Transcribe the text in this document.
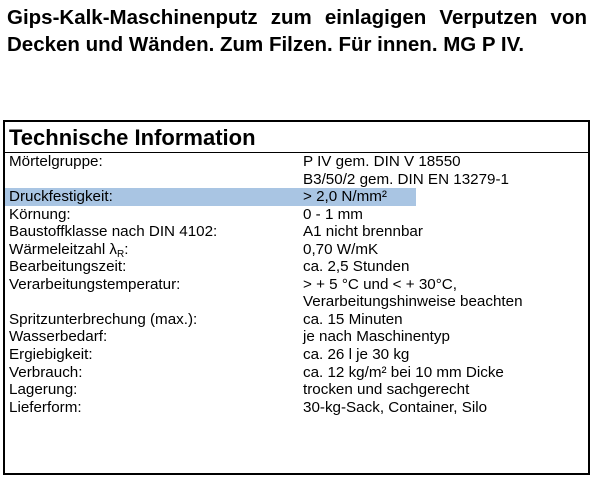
Gips-Kalk-Maschinenputz zum einlagigen Verputzen von Decken und Wänden. Zum Filzen. Für innen. MG P IV.
Technische Information
Mörtelgruppe:	P IV gem. DIN V 18550
B3/50/2 gem. DIN EN 13279-1
Druckfestigkeit:	> 2,0 N/mm²
Körnung:	0 - 1 mm
Baustoffklasse nach DIN 4102:	A1 nicht brennbar
Wärmeleitzahl λR:	0,70 W/mK
Bearbeitungszeit:	ca. 2,5 Stunden
Verarbeitungstemperatur:	> + 5 °C und < + 30°C,
Verarbeitungshinweise beachten
Spritzunterbrechung (max.):	ca. 15 Minuten
Wasserbedarf:	je nach Maschinentyp
Ergiebigkeit:	ca. 26 l je 30 kg
Verbrauch:	ca. 12 kg/m² bei 10 mm Dicke
Lagerung:	trocken und sachgerecht
Lieferform:	30-kg-Sack, Container, Silo
